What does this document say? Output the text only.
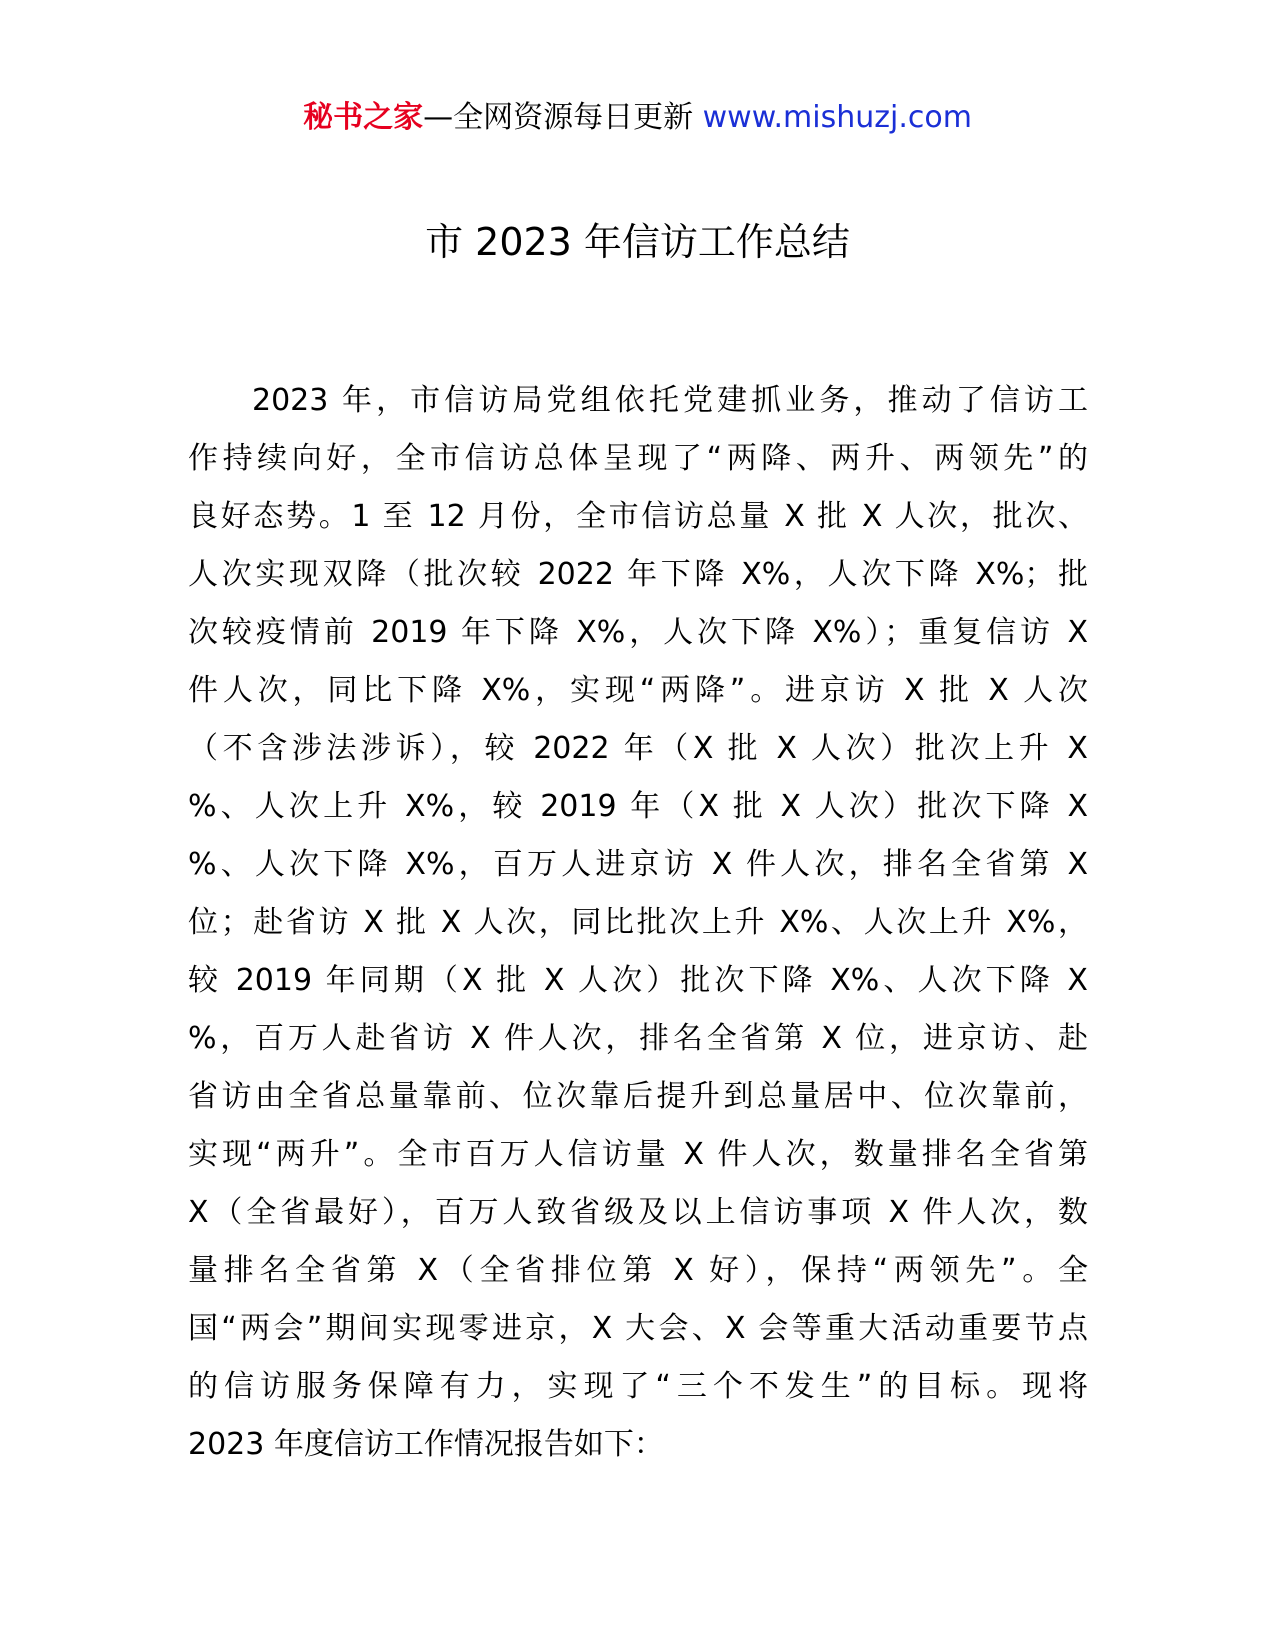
秘书之家—全网资源每日更新 www.mishuzj.com
市 2023 年信访工作总结
2023 年，市信访局党组依托党建抓业务，推动了信访工
作持续向好，全市信访总体呈现了“两降、两升、两领先”的
良好态势。1 至 12 月份，全市信访总量 X 批 X 人次，批次、
人次实现双降（批次较 2022 年下降 X%，人次下降 X%；批
次较疫情前 2019 年下降 X%，人次下降 X%）；重复信访 X
件人次，同比下降 X%，实现“两降”。进京访 X 批 X 人次
（不含涉法涉诉），较 2022 年（X 批 X 人次）批次上升 X
%、人次上升 X%，较 2019 年（X 批 X 人次）批次下降 X
%、人次下降 X%，百万人进京访 X 件人次，排名全省第 X
位；赴省访 X 批 X 人次，同比批次上升 X%、人次上升 X%，
较 2019 年同期（X 批 X 人次）批次下降 X%、人次下降 X
%，百万人赴省访 X 件人次，排名全省第 X 位，进京访、赴
省访由全省总量靠前、位次靠后提升到总量居中、位次靠前，
实现“两升”。全市百万人信访量 X 件人次，数量排名全省第
X（全省最好），百万人致省级及以上信访事项 X 件人次，数
量排名全省第 X（全省排位第 X 好），保持“两领先”。全
国“两会”期间实现零进京，X 大会、X 会等重大活动重要节点
的信访服务保障有力，实现了“三个不发生”的目标。现将
2023 年度信访工作情况报告如下：
